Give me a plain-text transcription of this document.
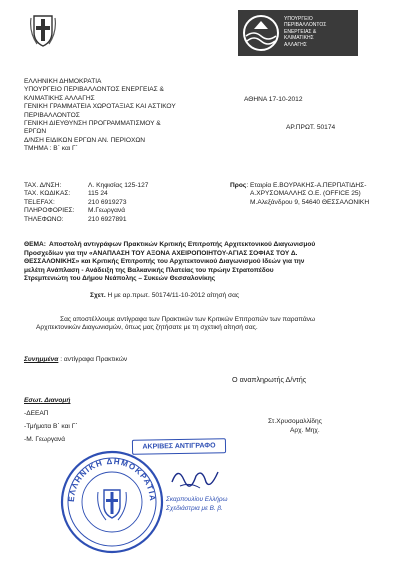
ΥΠΟΥΡΓΕΙΟ
ΠΕΡΙΒΑΛΛΟΝΤΟΣ
ΕΝΕΡΓΕΙΑΣ &
ΚΛΙΜΑΤΙΚΗΣ
ΑΛΛΑΓΗΣ
ΕΛΛΗΝΙΚΗ ΔΗΜΟΚΡΑΤΙΑ
ΥΠΟΥΡΓΕΙΟ ΠΕΡΙΒΑΛΛΟΝΤΟΣ ΕΝΕΡΓΕΙΑΣ &
ΚΛΙΜΑΤΙΚΗΣ ΑΛΛΑΓΗΣ
ΓΕΝΙΚΗ ΓΡΑΜΜΑΤΕΙΑ ΧΩΡΟΤΑΞΙΑΣ ΚΑΙ ΑΣΤΙΚΟΥ
ΠΕΡΙΒΑΛΛΟΝΤΟΣ
ΓΕΝΙΚΗ ΔΙΕΥΘΥΝΣΗ ΠΡΟΓΡΑΜΜΑΤΙΣΜΟΥ &
ΕΡΓΩΝ
Δ/ΝΣΗ ΕΙΔΙΚΩΝ ΕΡΓΩΝ ΑΝ. ΠΕΡΙΟΧΩΝ
ΤΜΗΜΑ : Β΄ και Γ΄
ΑΘΗΝΑ 17-10-2012
ΑΡ.ΠΡΩΤ. 50174
ΤΑΧ. Δ/ΝΣΗ:	Λ. Κηφισίας 125-127
ΤΑΧ. ΚΩΔΙΚΑΣ:	115 24
TELEFAX:	210 6919273
ΠΛΗΡΟΦΟΡΙΕΣ:	Μ.Γεωργανά
ΤΗΛΕΦΩΝΟ:	210 6927891
Προς : Εταιρία Ε.ΒΟΥΡΑΚΗΣ-Α.ΠΕΡΠΑΤΙΔΗΣ-
Α.ΧΡΥΣΟΜΑΛΛΗΣ Ο.Ε. (OFFICE 25)
Μ.Αλεξάνδρου 9, 54640 ΘΕΣΣΑΛΟΝΙΚΗ
ΘΕΜΑ: Αποστολή αντιγράφων Πρακτικών Κριτικής Επιτροπής Αρχιτεκτονικού Διαγωνισμού
Προσχεδίων για την «ΑΝΑΠΛΑΣΗ ΤΟΥ ΑΞΟΝΑ ΑΧΕΙΡΟΠΟΙΗΤΟΥ-ΑΓΙΑΣ ΣΟΦΙΑΣ ΤΟΥ Δ.
ΘΕΣΣΑΛΟΝΙΚΗΣ» και Κριτικής Επιτροπής του Αρχιτεκτονικού Διαγωνισμού Ιδεών για την
μελέτη Ανάπλαση - Ανάδειξη της Βαλκανικής Πλατείας του πρώην Στρατοπέδου
Στρεμπενιώτη του Δήμου Νεάπολης – Συκεών Θεσσαλονίκης
Σχετ. Η με αρ.πρωτ. 50174/11-10-2012 αίτησή σας
Σας αποστέλλουμε αντίγραφα των Πρακτικών των Κριτικών Επιτροπών των παραπάνω
Αρχιτεκτονικών Διαγωνισμών, όπως μας ζητήσατε με τη σχετική αίτησή σας.
Ο αναπληρωτής Δ/ντής
Συνημμένα : αντίγραφα Πρακτικών
Εσωτ. Διανομή
-ΔΕΕΑΠ
-Τμήματα Β΄ και Γ΄
-Μ. Γεωργανά
Στ.Χρυσομαλλίδης
Αρχ. Μηχ.
ΑΚΡΙΒΕΣ ΑΝΤΙΓΡΑΦΟ
ΕΛΛΗΝΙΚΗ ΔΗΜΟΚΡΑΤΙΑ Σκαρπουλίου Ελλήρω
Σχεδιάστρια με Β. β.
